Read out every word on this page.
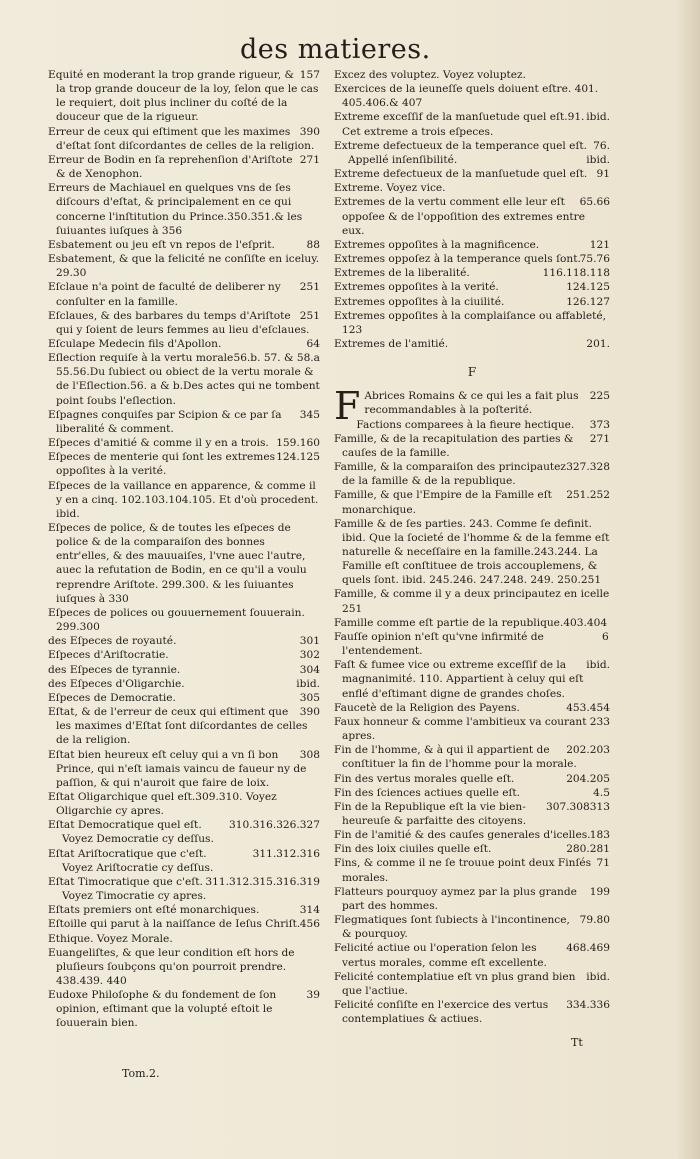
des matieres.
157
Equité en moderant la trop grande rigueur, & la trop grande douceur de la loy, ſelon que le cas le requiert, doit plus incliner du coſté de la douceur que de la rigueur.
390
Erreur de ceux qui eſtiment que les maximes d'eſtat ſont diſcordantes de celles de la religion.
271
Erreur de Bodin en ſa reprehenſion d'Ariſtote & de Xenophon.
Erreurs de Machiauel en quelques vns de ſes diſcours d'eſtat, & principalement en ce qui concerne l'inſtitution du Prince.350.351.& les ſuiuantes iuſques à 356
88
Esbatement ou jeu eſt vn repos de l'eſprit.
Esbatement, & que la felicité ne conſiſte en iceluy. 29.30
251
Eſclaue n'a point de faculté de deliberer ny conſulter en la famille.
251
Eſclaues, & des barbares du temps d'Ariſtote qui y ſoient de leurs femmes au lieu d'eſclaues.
64
Eſculape Medecin fils d'Apollon.
56.b. 57. & 58.a
Eſlection requiſe à la vertu morale 55.56.Du ſubiect ou obiect de la vertu morale & de l'Eſlection.56. a & b.Des actes qui ne tombent point ſoubs l'eſlection.
345
Eſpagnes conquiſes par Scipion & ce par ſa liberalité & comment.
159.160
Eſpeces d'amitié & comme il y en a trois.
124.125
Eſpeces de menterie qui ſont les extremes oppoſites à la verité.
Eſpeces de la vaillance en apparence, & comme il y en a cinq. 102.103.104.105. Et d'où procedent. ibid.
Eſpeces de police, & de toutes les eſpeces de police & de la comparaiſon des bonnes entr'elles, & des mauuaiſes, l'vne auec l'autre, auec la refutation de Bodin, en ce qu'il a voulu reprendre Ariſtote. 299.300. & les ſuiuantes iuſques à 330
Eſpeces de polices ou gouuernement ſouuerain. 299.300
301
des Eſpeces de royauté.
302
Eſpeces d'Ariſtocratie.
304
des Eſpeces de tyrannie.
ibid.
des Eſpeces d'Oligarchie.
305
Eſpeces de Democratie.
390
Eſtat, & de l'erreur de ceux qui eſtiment que les maximes d'Eſtat ſont diſcordantes de celles de la religion.
308
Eſtat bien heureux eſt celuy qui a vn ſi bon Prince, qui n'eſt iamais vaincu de faueur ny de paſſion, & qui n'auroit que faire de loix.
Eſtat Oligarchique quel eſt.309.310. Voyez Oligarchie cy apres.
310.316.326.327
Eſtat Democratique quel eſt.
Voyez Democratie cy deſſus.
311.312.316
Eſtat Ariſtocratique que c'eſt.
Voyez Ariſtocratie cy deſſus.
311.312.315.316.319
Eſtat Timocratique que c'eſt.
Voyez Timocratie cy apres.
314
Eſtats premiers ont eſté monarchiques.
456
Eſtoille qui parut à la naiſſance de Ieſus Chriſt.
Ethique. Voyez Morale.
Euangeliſtes, & que leur condition eſt hors de pluſieurs ſoubçons qu'on pourroit prendre. 438.439. 440
39
Eudoxe Philoſophe & du fondement de ſon opinion, eſtimant que la volupté eſtoit le ſouuerain bien.
Excez des voluptez. Voyez voluptez.
Exercices de la ieuneſſe quels doiuent eſtre. 401. 405.406.& 407
ibid.
Extreme exceſſif de la manſuetude quel eſt.91. Cet extreme a trois eſpeces.
76.
Extreme defectueux de la temperance quel eſt.
ibid.
Appellé inſenſibilité.
91
Extreme defectueux de la manſuetude quel eſt.
Extreme. Voyez vice.
65.66
Extremes de la vertu comment elle leur eſt oppoſee & de l'oppoſition des extremes entre eux.
121
Extremes oppoſites à la magnificence.
75.76
Extremes oppoſez à la temperance quels ſont.
116.118.118
Extremes de la liberalité.
124.125
Extremes oppoſites à la verité.
126.127
Extremes oppoſites à la ciuilité.
Extremes oppoſites à la complaiſance ou affableté, 123
201.
Extremes de l'amitié.
F
F	225
Abrices Romains & ce qui les a fait plus recommandables à la poſterité.
373
Factions comparees à la fieure hectique.
271
Famille, & de la recapitulation des parties & cauſes de la famille.
327.328
Famille, & la comparaiſon des principautez de la famille & de la republique.
251.252
Famille, & que l'Empire de la Famille eſt monarchique.
Famille & de ſes parties. 243. Comme ſe definit. ibid. Que la ſocieté de l'homme & de la femme eſt naturelle & neceſſaire en la famille.243.244. La Famille eſt conſtituee de trois accouplemens, & quels ſont. ibid. 245.246. 247.248. 249. 250.251
Famille, & comme il y a deux principautez en icelle 251
Famille comme eſt partie de la republique.403.404
6
Fauſſe opinion n'eſt qu'vne infirmité de l'entendement.
ibid.
Faſt & fumee vice ou extreme exceſſif de la magnanimité. 110. Appartient à celuy qui eſt enflé d'eſtimant digne de grandes choſes.
453.454
Faucetè de la Religion des Payens.
233
Faux honneur & comme l'ambitieux va courant apres.
202.203
Fin de l'homme, & à qui il appartient de conſtituer la fin de l'homme pour la morale.
204.205
Fin des vertus morales quelle eſt.
4.5
Fin des ſciences actiues quelle eſt.
307.308313
Fin de la Republique eſt la vie bien-heureuſe & parfaitte des citoyens.
183
Fin de l'amitié & des cauſes generales d'icelles.
280.281
Fin des loix ciuiles quelle eſt.
71
Fins, & comme il ne ſe trouue point deux Finſés morales.
199
Flatteurs pourquoy aymez par la plus grande part des hommes.
79.80
Flegmatiques ſont ſubiects à l'incontinence, & pourquoy.
468.469
Felicité actiue ou l'operation ſelon les vertus morales, comme eſt excellente.
ibid.
Felicité contemplatiue eſt vn plus grand bien que l'actiue.
334.336
Felicité conſiſte en l'exercice des vertus contemplatiues & actiues.
Tt
Tom.2.
